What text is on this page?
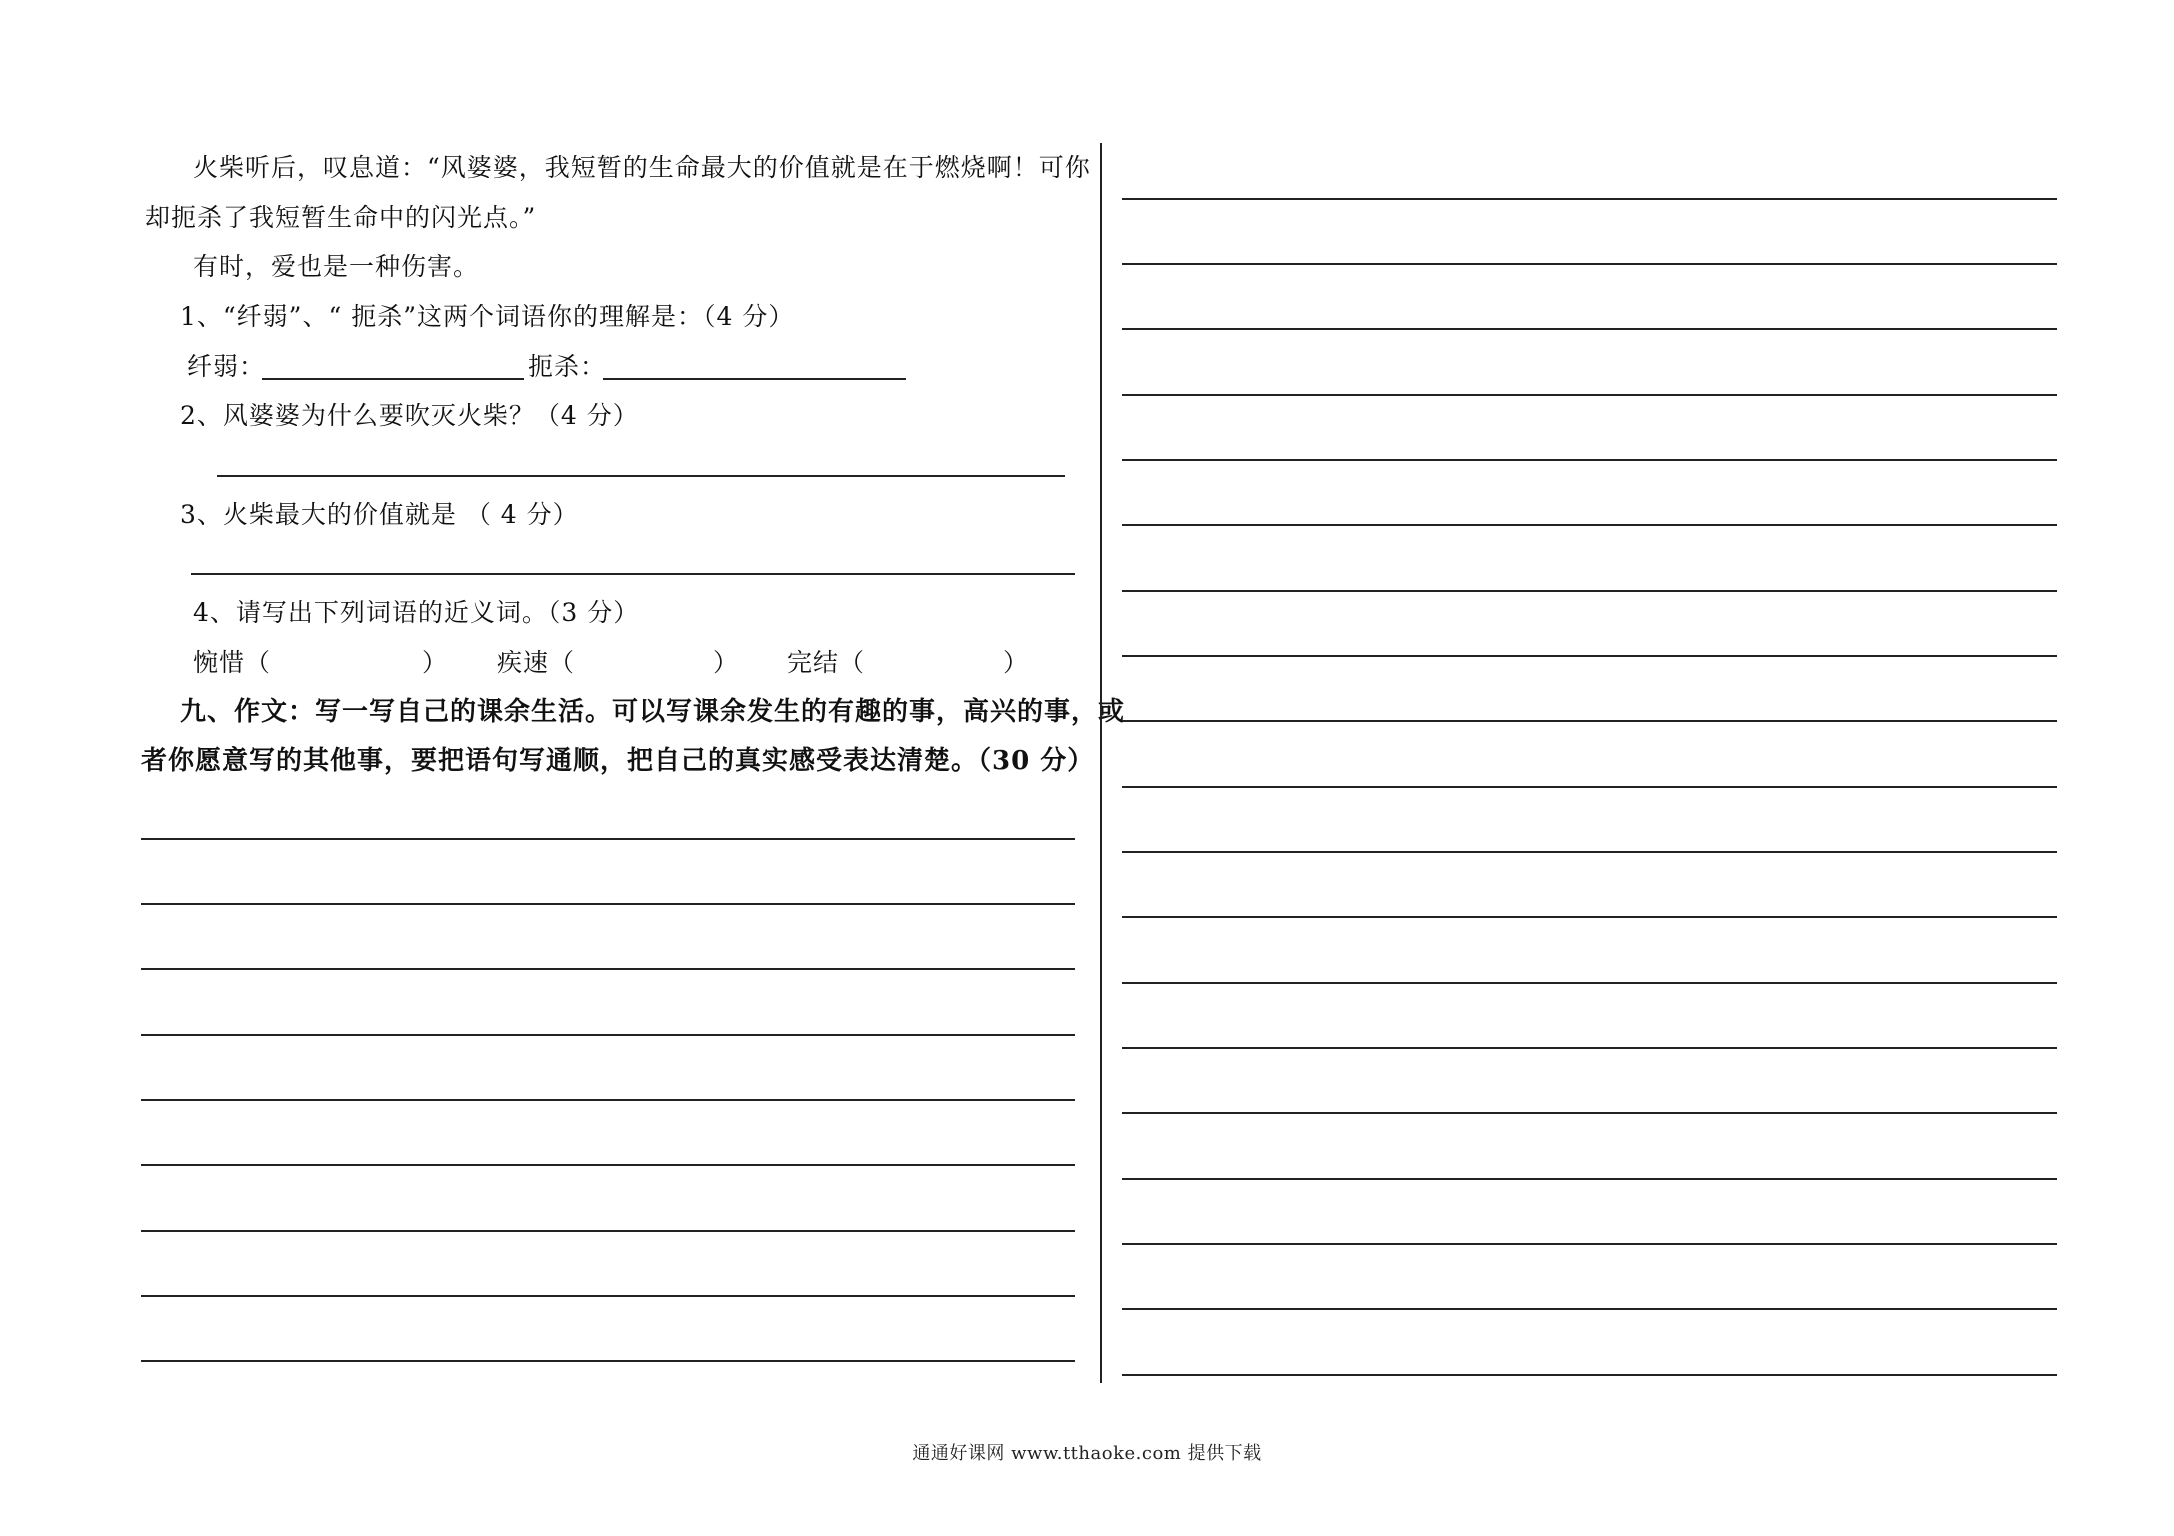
火柴听后，叹息道：“风婆婆，我短暂的生命最大的价值就是在于燃烧啊！可你
却扼杀了我短暂生命中的闪光点。”
有时，爱也是一种伤害。
1、“纤弱”、“ 扼杀”这两个词语你的理解是：（4 分）
纤弱：	扼杀：
2、风婆婆为什么要吹灭火柴？（4 分）
3、火柴最大的价值就是 （ 4 分）
4、请写出下列词语的近义词。（3 分）
惋惜（	） 疾速（	） 完结（	）
九、作文：写一写自己的课余生活。可以写课余发生的有趣的事，高兴的事，或
者你愿意写的其他事，要把语句写通顺，把自己的真实感受表达清楚。（30 分）
通通好课网 www.tthaoke.com 提供下载
